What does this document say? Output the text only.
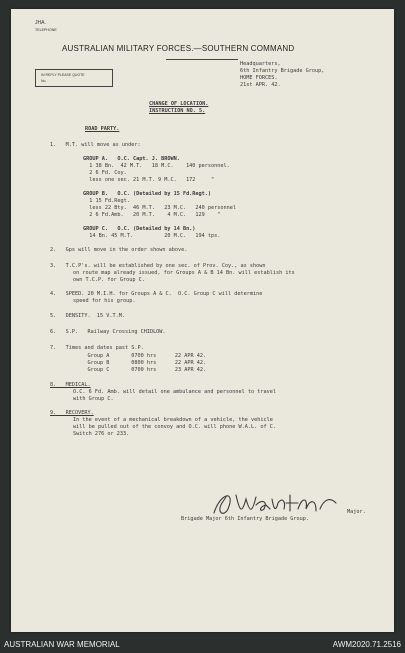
JHA.
TELEPHONE
AUSTRALIAN MILITARY FORCES.—SOUTHERN COMMAND
IN REPLY PLEASE QUOTE
No.
Headquarters,
6th Infantry Brigade Group,
HOME FORCES.
21st APR. 42.
CHANGE OF LOCATION.
INSTRUCTION NO. 5.
ROAD PARTY.
1.   M.T. will move as under:
GROUP A.   O.C. Capt. J. BROWN.
1 38 Bn.  42 M.T.   18 M.C.    140 personnel.
2 6 Fd. Coy.
less one sec. 21 M.T. 9 M.C.   172     "
GROUP B.   O.C. (Detailed by 15 Fd.Regt.)
1 15 Fd.Regt.
less 22 Bty.  46 M.T.   23 M.C.   240 personnel
2 6 Fd.Amb.   20 M.T.    4 M.C.   129    "
GROUP C.   O.C. (Detailed by 14 Bn.)
14 Bn. 45 M.T.          20 M.C.   194 tps.
2.   Gps will move in the order shown above.
3.   T.C.P's. will be established by one sec. of Prov. Coy., as shown
on route map already issued, for Groups A & B 14 Bn. will establish its
own T.C.P. for Group C.
4.   SPEED. 20 M.I.H. for Groups A & C.  O.C. Group C will determine
speed for his group.
5.   DENSITY.  15 V.T.M.
6.   S.P.   Railway Crossing CHIDLOW.
7.   Times and dates past S.P.
Group A       0700 hrs      22 APR 42.
Group B       0800 hrs      22 APR 42.
Group C       0700 hrs      23 APR 42.
8.   MEDICAL.
O.C. 6 Fd. Amb. will detail one ambulance and personnel to travel
with Group C.
9.   RECOVERY.
In the event of a mechanical breakdown of a vehicle, the vehicle
will be pulled out of the convoy and O.C. will phone W.A.L. of C.
Switch 276 or 233.
Major.
Brigade Major 6th Infantry Brigade Group.
AUSTRALIAN WAR MEMORIAL	AWM2020.71.2516
